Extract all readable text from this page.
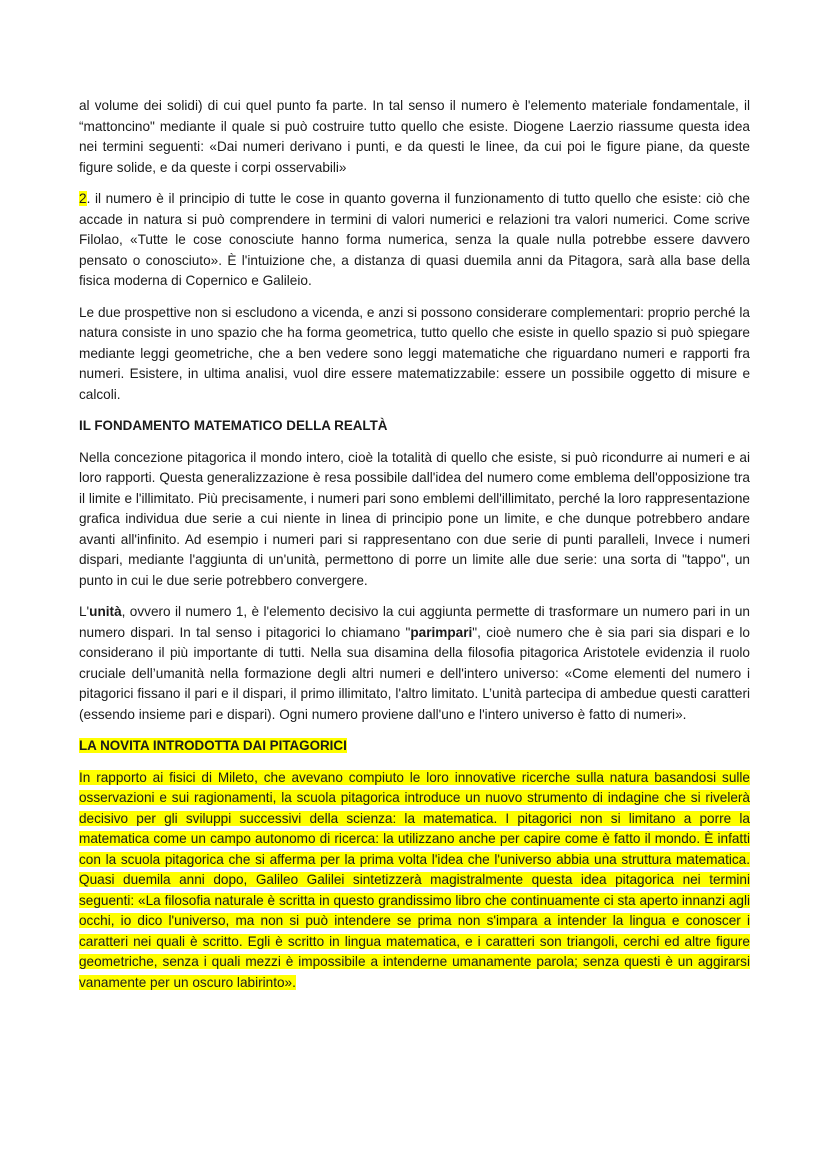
al volume dei solidi) di cui quel punto fa parte. In tal senso il numero è l'elemento materiale fondamentale, il “mattoncino" mediante il quale si può costruire tutto quello che esiste. Diogene Laerzio riassume questa idea nei termini seguenti: «Dai numeri derivano i punti, e da questi le linee, da cui poi le figure piane, da queste figure solide, e da queste i corpi osservabili»

2. il numero è il principio di tutte le cose in quanto governa il funzionamento di tutto quello che esiste: ciò che accade in natura si può comprendere in termini di valori numerici e relazioni tra valori numerici. Come scrive Filolao, «Tutte le cose conosciute hanno forma numerica, senza la quale nulla potrebbe essere davvero pensato o conosciuto». È l'intuizione che, a distanza di quasi duemila anni da Pitagora, sarà alla base della fisica moderna di Copernico e Galileio.

Le due prospettive non si escludono a vicenda, e anzi si possono considerare complementari: proprio perché la natura consiste in uno spazio che ha forma geometrica, tutto quello che esiste in quello spazio si può spiegare mediante leggi geometriche, che a ben vedere sono leggi matematiche che riguardano numeri e rapporti fra numeri. Esistere, in ultima analisi, vuol dire essere matematizzabile: essere un possibile oggetto di misure e calcoli.

IL FONDAMENTO MATEMATICO DELLA REALTÀ

Nella concezione pitagorica il mondo intero, cioè la totalità di quello che esiste, si può ricondurre ai numeri e ai loro rapporti. Questa generalizzazione è resa possibile dall'idea del numero come emblema dell'opposizione tra il limite e l'illimitato. Più precisamente, i numeri pari sono emblemi dell'illimitato, perché la loro rappresentazione grafica individua due serie a cui niente in linea di principio pone un limite, e che dunque potrebbero andare avanti all'infinito. Ad esempio i numeri pari si rappresentano con due serie di punti paralleli, Invece i numeri dispari, mediante l'aggiunta di un'unità, permettono di porre un limite alle due serie: una sorta di "tappo", un punto in cui le due serie potrebbero convergere.

L'unità, ovvero il numero 1, è l'elemento decisivo la cui aggiunta permette di trasformare un numero pari in un numero dispari. In tal senso i pitagorici lo chiamano "parimpari", cioè numero che è sia pari sia dispari e lo considerano il più importante di tutti. Nella sua disamina della filosofia pitagorica Aristotele evidenzia il ruolo cruciale dell’umanità nella formazione degli altri numeri e dell'intero universo: «Come elementi del numero i pitagorici fissano il pari e il dispari, il primo illimitato, l'altro limitato. L’unità partecipa di ambedue questi caratteri (essendo insieme pari e dispari). Ogni numero proviene dall'uno e l'intero universo è fatto di numeri».

LA NOVITA INTRODOTTA DAI PITAGORICI

In rapporto ai fisici di Mileto, che avevano compiuto le loro innovative ricerche sulla natura basandosi sulle osservazioni e sui ragionamenti, la scuola pitagorica introduce un nuovo strumento di indagine che si rivelerà decisivo per gli sviluppi successivi della scienza: la matematica. I pitagorici non si limitano a porre la matematica come un campo autonomo di ricerca: la utilizzano anche per capire come è fatto il mondo. È infatti con la scuola pitagorica che si afferma per la prima volta l'idea che l'universo abbia una struttura matematica. Quasi duemila anni dopo, Galileo Galilei sintetizzerà magistralmente questa idea pitagorica nei termini seguenti: «La filosofia naturale è scritta in questo grandissimo libro che continuamente ci sta aperto innanzi agli occhi, io dico l'universo, ma non si può intendere se prima non s'impara a intender la lingua e conoscer i caratteri nei quali è scritto. Egli è scritto in lingua matematica, e i caratteri son triangoli, cerchi ed altre figure geometriche, senza i quali mezzi è impossibile a intenderne umanamente parola; senza questi è un aggirarsi vanamente per un oscuro labirinto».
